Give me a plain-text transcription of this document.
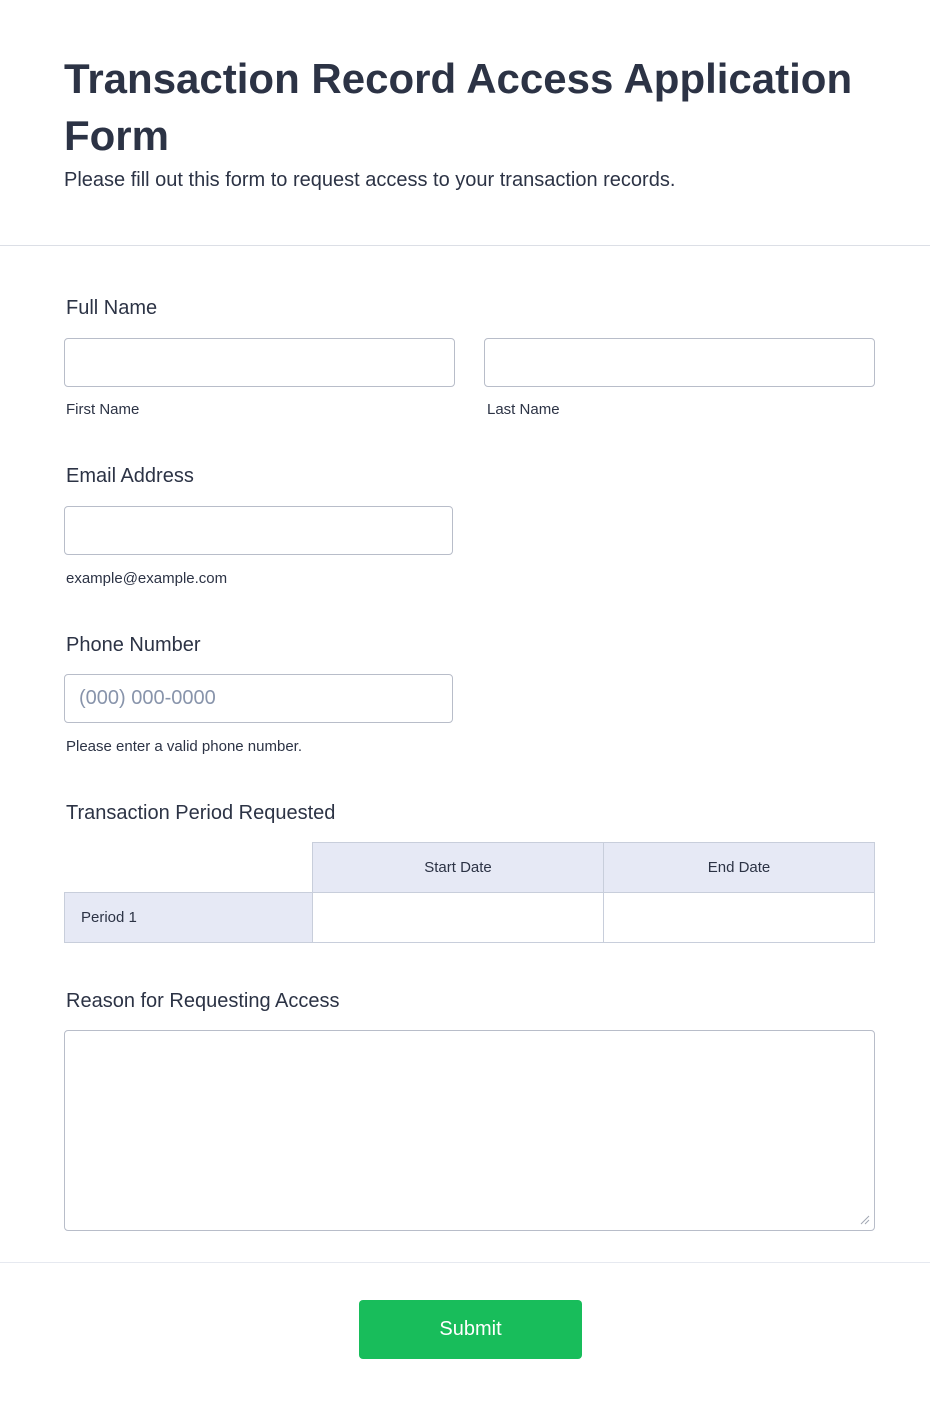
Transaction Record Access Application Form

Please fill out this form to request access to your transaction records.

Full Name
First Name	Last Name
Email Address
example@example.com
Phone Number
(000) 000-0000
Please enter a valid phone number.
Transaction Period Requested
Start Date	End Date
Period 1
Reason for Requesting Access
Submit
